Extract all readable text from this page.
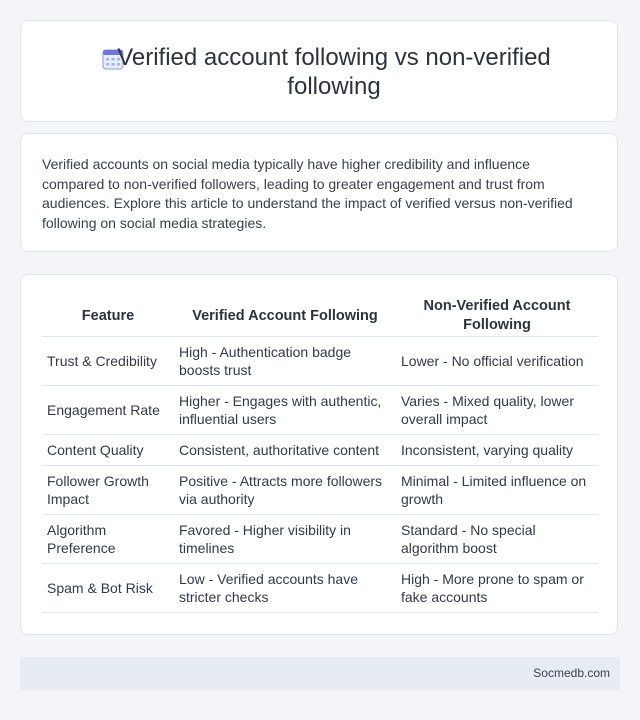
Verified account following vs non-verified following

Verified accounts on social media typically have higher credibility and influence compared to non-verified followers, leading to greater engagement and trust from audiences. Explore this article to understand the impact of verified versus non-verified following on social media strategies.

Feature	Verified Account Following	Non-Verified Account Following
Trust & Credibility	High - Authentication badge boosts trust	Lower - No official verification
Engagement Rate	Higher - Engages with authentic, influential users	Varies - Mixed quality, lower overall impact
Content Quality	Consistent, authoritative content	Inconsistent, varying quality
Follower Growth Impact	Positive - Attracts more followers via authority	Minimal - Limited influence on growth
Algorithm Preference	Favored - Higher visibility in timelines	Standard - No special algorithm boost
Spam & Bot Risk	Low - Verified accounts have stricter checks	High - More prone to spam or fake accounts
Socmedb.com
